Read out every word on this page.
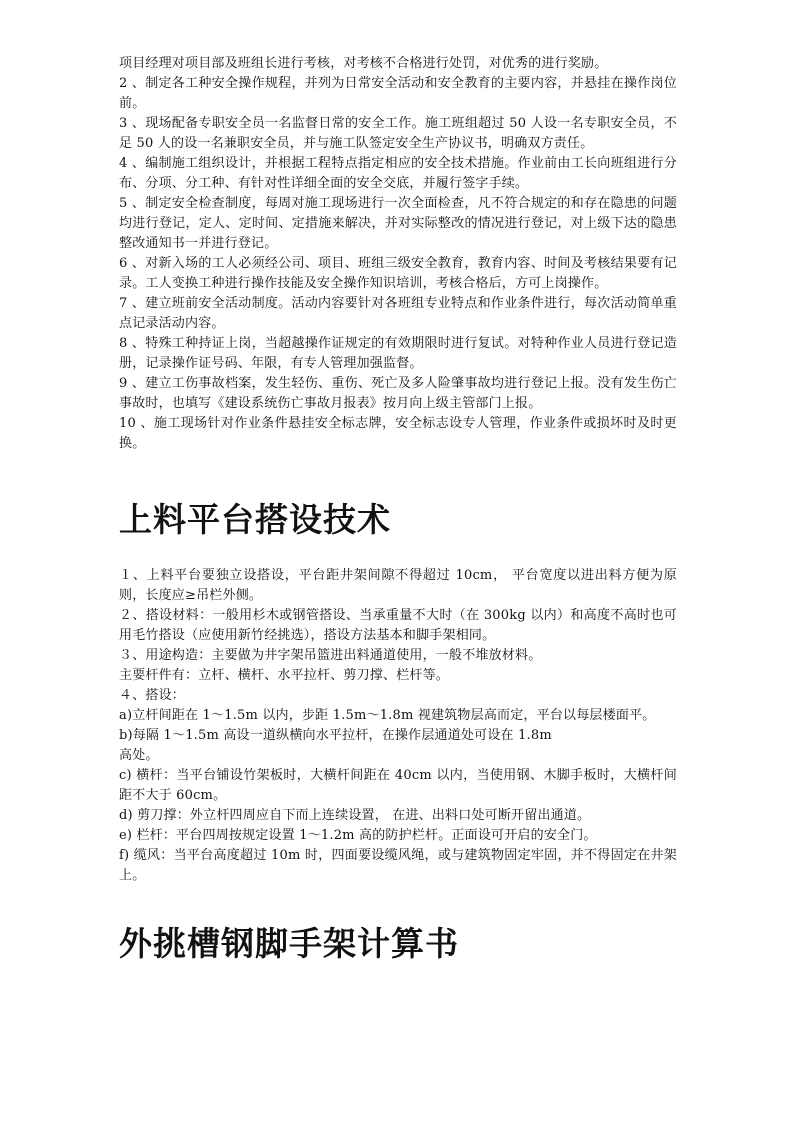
项目经理对项目部及班组长进行考核，对考核不合格进行处罚，对优秀的进行奖励。

2 、制定各工种安全操作规程，并列为日常安全活动和安全教育的主要内容，并悬挂在操作岗位前。

3 、现场配备专职安全员一名监督日常的安全工作。施工班组超过 50 人设一名专职安全员，不足 50 人的设一名兼职安全员，并与施工队签定安全生产协议书，明确双方责任。

4 、编制施工组织设计，并根据工程特点指定相应的安全技术措施。作业前由工长向班组进行分布、分项、分工种、有针对性详细全面的安全交底，并履行签字手续。

5 、制定安全检查制度，每周对施工现场进行一次全面检查，凡不符合规定的和存在隐患的问题均进行登记，定人、定时间、定措施来解决，并对实际整改的情况进行登记，对上级下达的隐患整改通知书一并进行登记。

6 、对新入场的工人必须经公司、项目、班组三级安全教育，教育内容、时间及考核结果要有记录。工人变换工种进行操作技能及安全操作知识培训，考核合格后，方可上岗操作。

7 、建立班前安全活动制度。活动内容要针对各班组专业特点和作业条件进行，每次活动简单重点记录活动内容。

8 、特殊工种持证上岗，当超越操作证规定的有效期限时进行复试。对特种作业人员进行登记造册，记录操作证号码、年限，有专人管理加强监督。

9 、建立工伤事故档案，发生轻伤、重伤、死亡及多人险肇事故均进行登记上报。没有发生伤亡事故时，也填写《建设系统伤亡事故月报表》按月向上级主管部门上报。

10 、施工现场针对作业条件悬挂安全标志牌，安全标志设专人管理，作业条件或损坏时及时更换。

上料平台搭设技术

１、上料平台要独立设搭设，平台距井架间隙不得超过 10cm， 平台宽度以进出料方便为原则，长度应≥吊栏外侧。

２、搭设材料：一般用杉木或钢管搭设、当承重量不大时（在 300kg 以内）和高度不高时也可用毛竹搭设（应使用新竹经挑选），搭设方法基本和脚手架相同。

３、用途构造：主要做为井字架吊篮进出料通道使用，一般不堆放材料。

主要杆件有：立杆、横杆、水平拉杆、剪刀撑、栏杆等。

４、搭设：

a)立杆间距在 1～1.5m 以内，步距 1.5m～1.8m 视建筑物层高而定，平台以每层楼面平。

b)每隔 1～1.5m 高设一道纵横向水平拉杆，在操作层通道处可设在 1.8m

高处。

c) 横杆：当平台铺设竹架板时，大横杆间距在 40cm 以内，当使用钢、木脚手板时，大横杆间距不大于 60cm。

d) 剪刀撑：外立杆四周应自下而上连续设置， 在进、出料口处可断开留出通道。

e) 栏杆：平台四周按规定设置 1～1.2m 高的防护栏杆。正面设可开启的安全门。

f) 缆风：当平台高度超过 10m 时，四面要设缆风绳，或与建筑物固定牢固，并不得固定在井架上。

外挑槽钢脚手架计算书
